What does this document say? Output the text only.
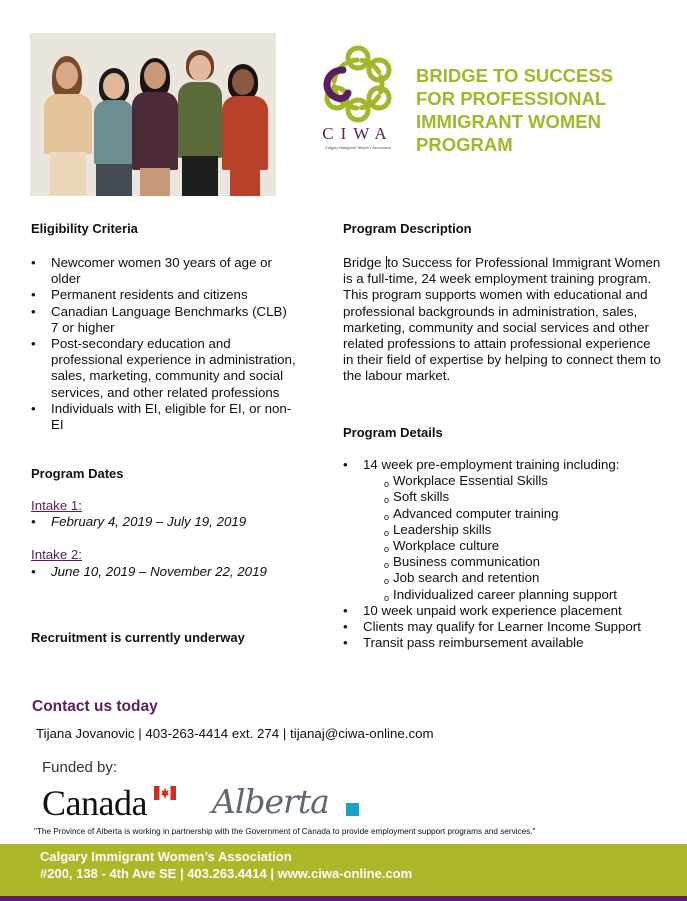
CIWA
Calgary Immigrant Women's Association
BRIDGE TO SUCCESS
FOR PROFESSIONAL
IMMIGRANT WOMEN
PROGRAM
Eligibility Criteria
• Newcomer women 30 years of age or older
• Permanent residents and citizens
• Canadian Language Benchmarks (CLB) 7 or higher
• Post-secondary education and professional experience in administration, sales, marketing, community and social services, and other related professions
• Individuals with EI, eligible for EI, or non-EI
Program Dates
Intake 1:
• February 4, 2019 – July 19, 2019
Intake 2:
• June 10, 2019 – November 22, 2019
Recruitment is currently underway
Program Description
Bridge to Success for Professional Immigrant Women is a full-time, 24 week employment training program. This program supports women with educational and professional backgrounds in administration, sales, marketing, community and social services and other related professions to attain professional experience in their field of expertise by helping to connect them to the labour market.
Program Details
• 14 week pre-employment training including:
o Workplace Essential Skills
o Soft skills
o Advanced computer training
o Leadership skills
o Workplace culture
o Business communication
o Job search and retention
o Individualized career planning support
• 10 week unpaid work experience placement
• Clients may qualify for Learner Income Support
• Transit pass reimbursement available
Contact us today
Tijana Jovanovic | 403-263-4414 ext. 274 | tijanaj@ciwa-online.com
Funded by:
Canada Alberta
"The Province of Alberta is working in partnership with the Government of Canada to provide employment support programs and services."
Calgary Immigrant Women’s Association
#200, 138 - 4th Ave SE | 403.263.4414 | www.ciwa-online.com
